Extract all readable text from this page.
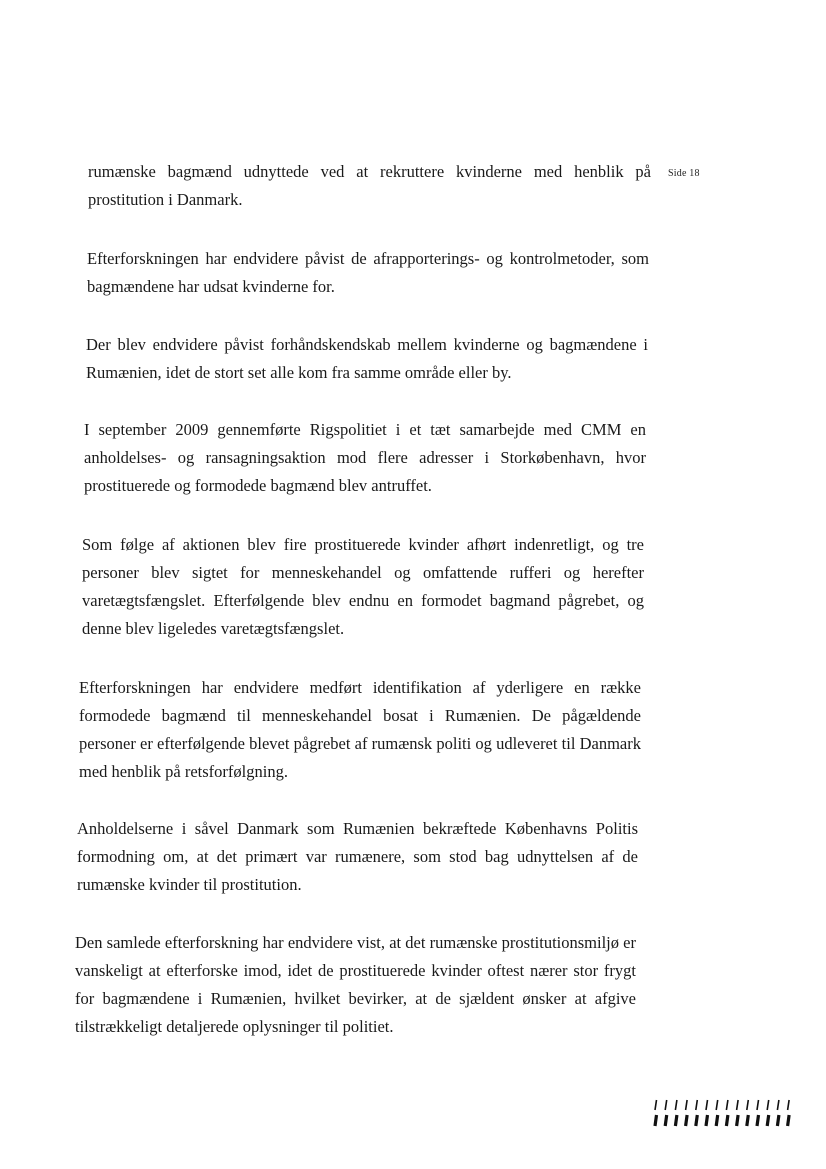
rumænske bagmænd udnyttede ved at rekruttere kvinderne med henblik på prostitution i Danmark.

Efterforskningen har endvidere påvist de afrapporterings- og kontrolmetoder, som bagmændene har udsat kvinderne for.

Der blev endvidere påvist forhåndskendskab mellem kvinderne og bagmændene i Rumænien, idet de stort set alle kom fra samme område eller by.

I september 2009 gennemførte Rigspolitiet i et tæt samarbejde med CMM en anholdelses- og ransagningsaktion mod flere adresser i Storkøbenhavn, hvor prostituerede og formodede bagmænd blev antruffet.

Som følge af aktionen blev fire prostituerede kvinder afhørt indenretligt, og tre personer blev sigtet for menneskehandel og omfattende rufferi og herefter varetægtsfængslet. Efterfølgende blev endnu en formodet bagmand pågrebet, og denne blev ligeledes varetægtsfængslet.

Efterforskningen har endvidere medført identifikation af yderligere en række formodede bagmænd til menneskehandel bosat i Rumænien. De pågældende personer er efterfølgende blevet pågrebet af rumænsk politi og udleveret til Danmark med henblik på retsforfølgning.

Anholdelserne i såvel Danmark som Rumænien bekræftede Københavns Politis formodning om, at det primært var rumænere, som stod bag udnyttelsen af de rumænske kvinder til prostitution.

Den samlede efterforskning har endvidere vist, at det rumænske prostitutionsmiljø er vanskeligt at efterforske imod, idet de prostituerede kvinder oftest nærer stor frygt for bagmændene i Rumænien, hvilket bevirker, at de sjældent ønsker at afgive tilstrækkeligt detaljerede oplysninger til politiet.

Side 18
